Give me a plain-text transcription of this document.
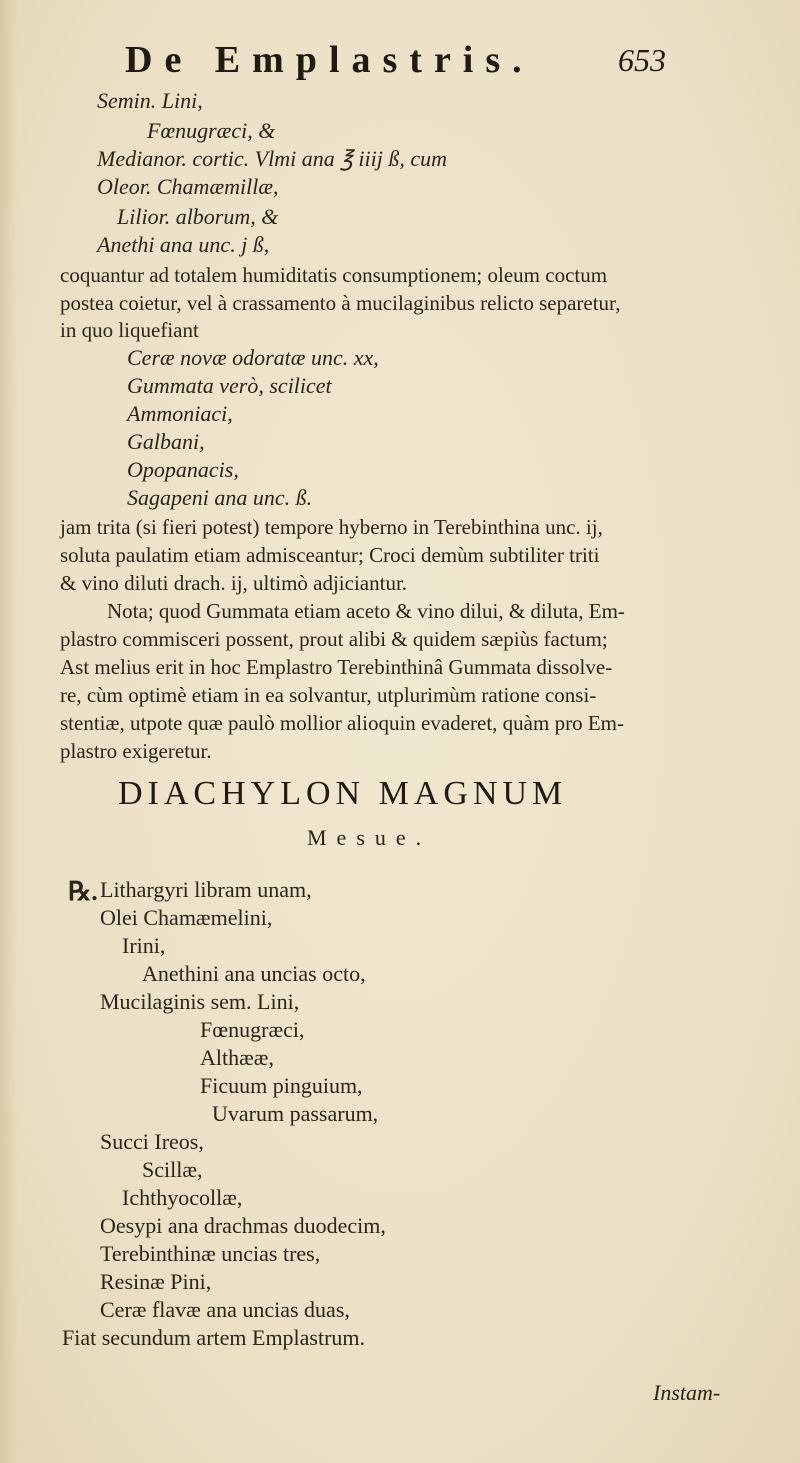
De Emplastris.	653
Semin. Lini,
Fœnugræci, &
Medianor. cortic. Vlmi ana ℥ iiij ß, cum
Oleor. Chamæmillæ,
Lilior. alborum, &
Anethi ana unc. j ß,
coquantur ad totalem humiditatis consumptionem; oleum coctum
postea coietur, vel à crassamento à mucilaginibus relicto separetur,
in quo liquefiant
Ceræ novæ odoratæ unc. xx,
Gummata verò, scilicet
Ammoniaci,
Galbani,
Opopanacis,
Sagapeni ana unc. ß.
jam trita (si fieri potest) tempore hyberno in Terebinthina unc. ij,
soluta paulatim etiam admisceantur; Croci demùm subtiliter triti
& vino diluti drach. ij, ultimò adjiciantur.
Nota; quod Gummata etiam aceto & vino dilui, & diluta, Em-
plastro commisceri possent, prout alibi & quidem sæpiùs factum;
Ast melius erit in hoc Emplastro Terebinthinâ Gummata dissolve-
re, cùm optimè etiam in ea solvantur, utplurimùm ratione consi-
stentiæ, utpote quæ paulò mollior alioquin evaderet, quàm pro Em-
plastro exigeretur.
DIACHYLON MAGNUM
Mesue.
℞. Lithargyri libram unam,
Olei Chamæmelini,
Irini,
Anethini ana uncias octo,
Mucilaginis sem. Lini,
Fœnugræci,
Althææ,
Ficuum pinguium,
Uvarum passarum,
Succi Ireos,
Scillæ,
Ichthyocollæ,
Oesypi ana drachmas duodecim,
Terebinthinæ uncias tres,
Resinæ Pini,
Ceræ flavæ ana uncias duas,
Fiat secundum artem Emplastrum.
Instam-
